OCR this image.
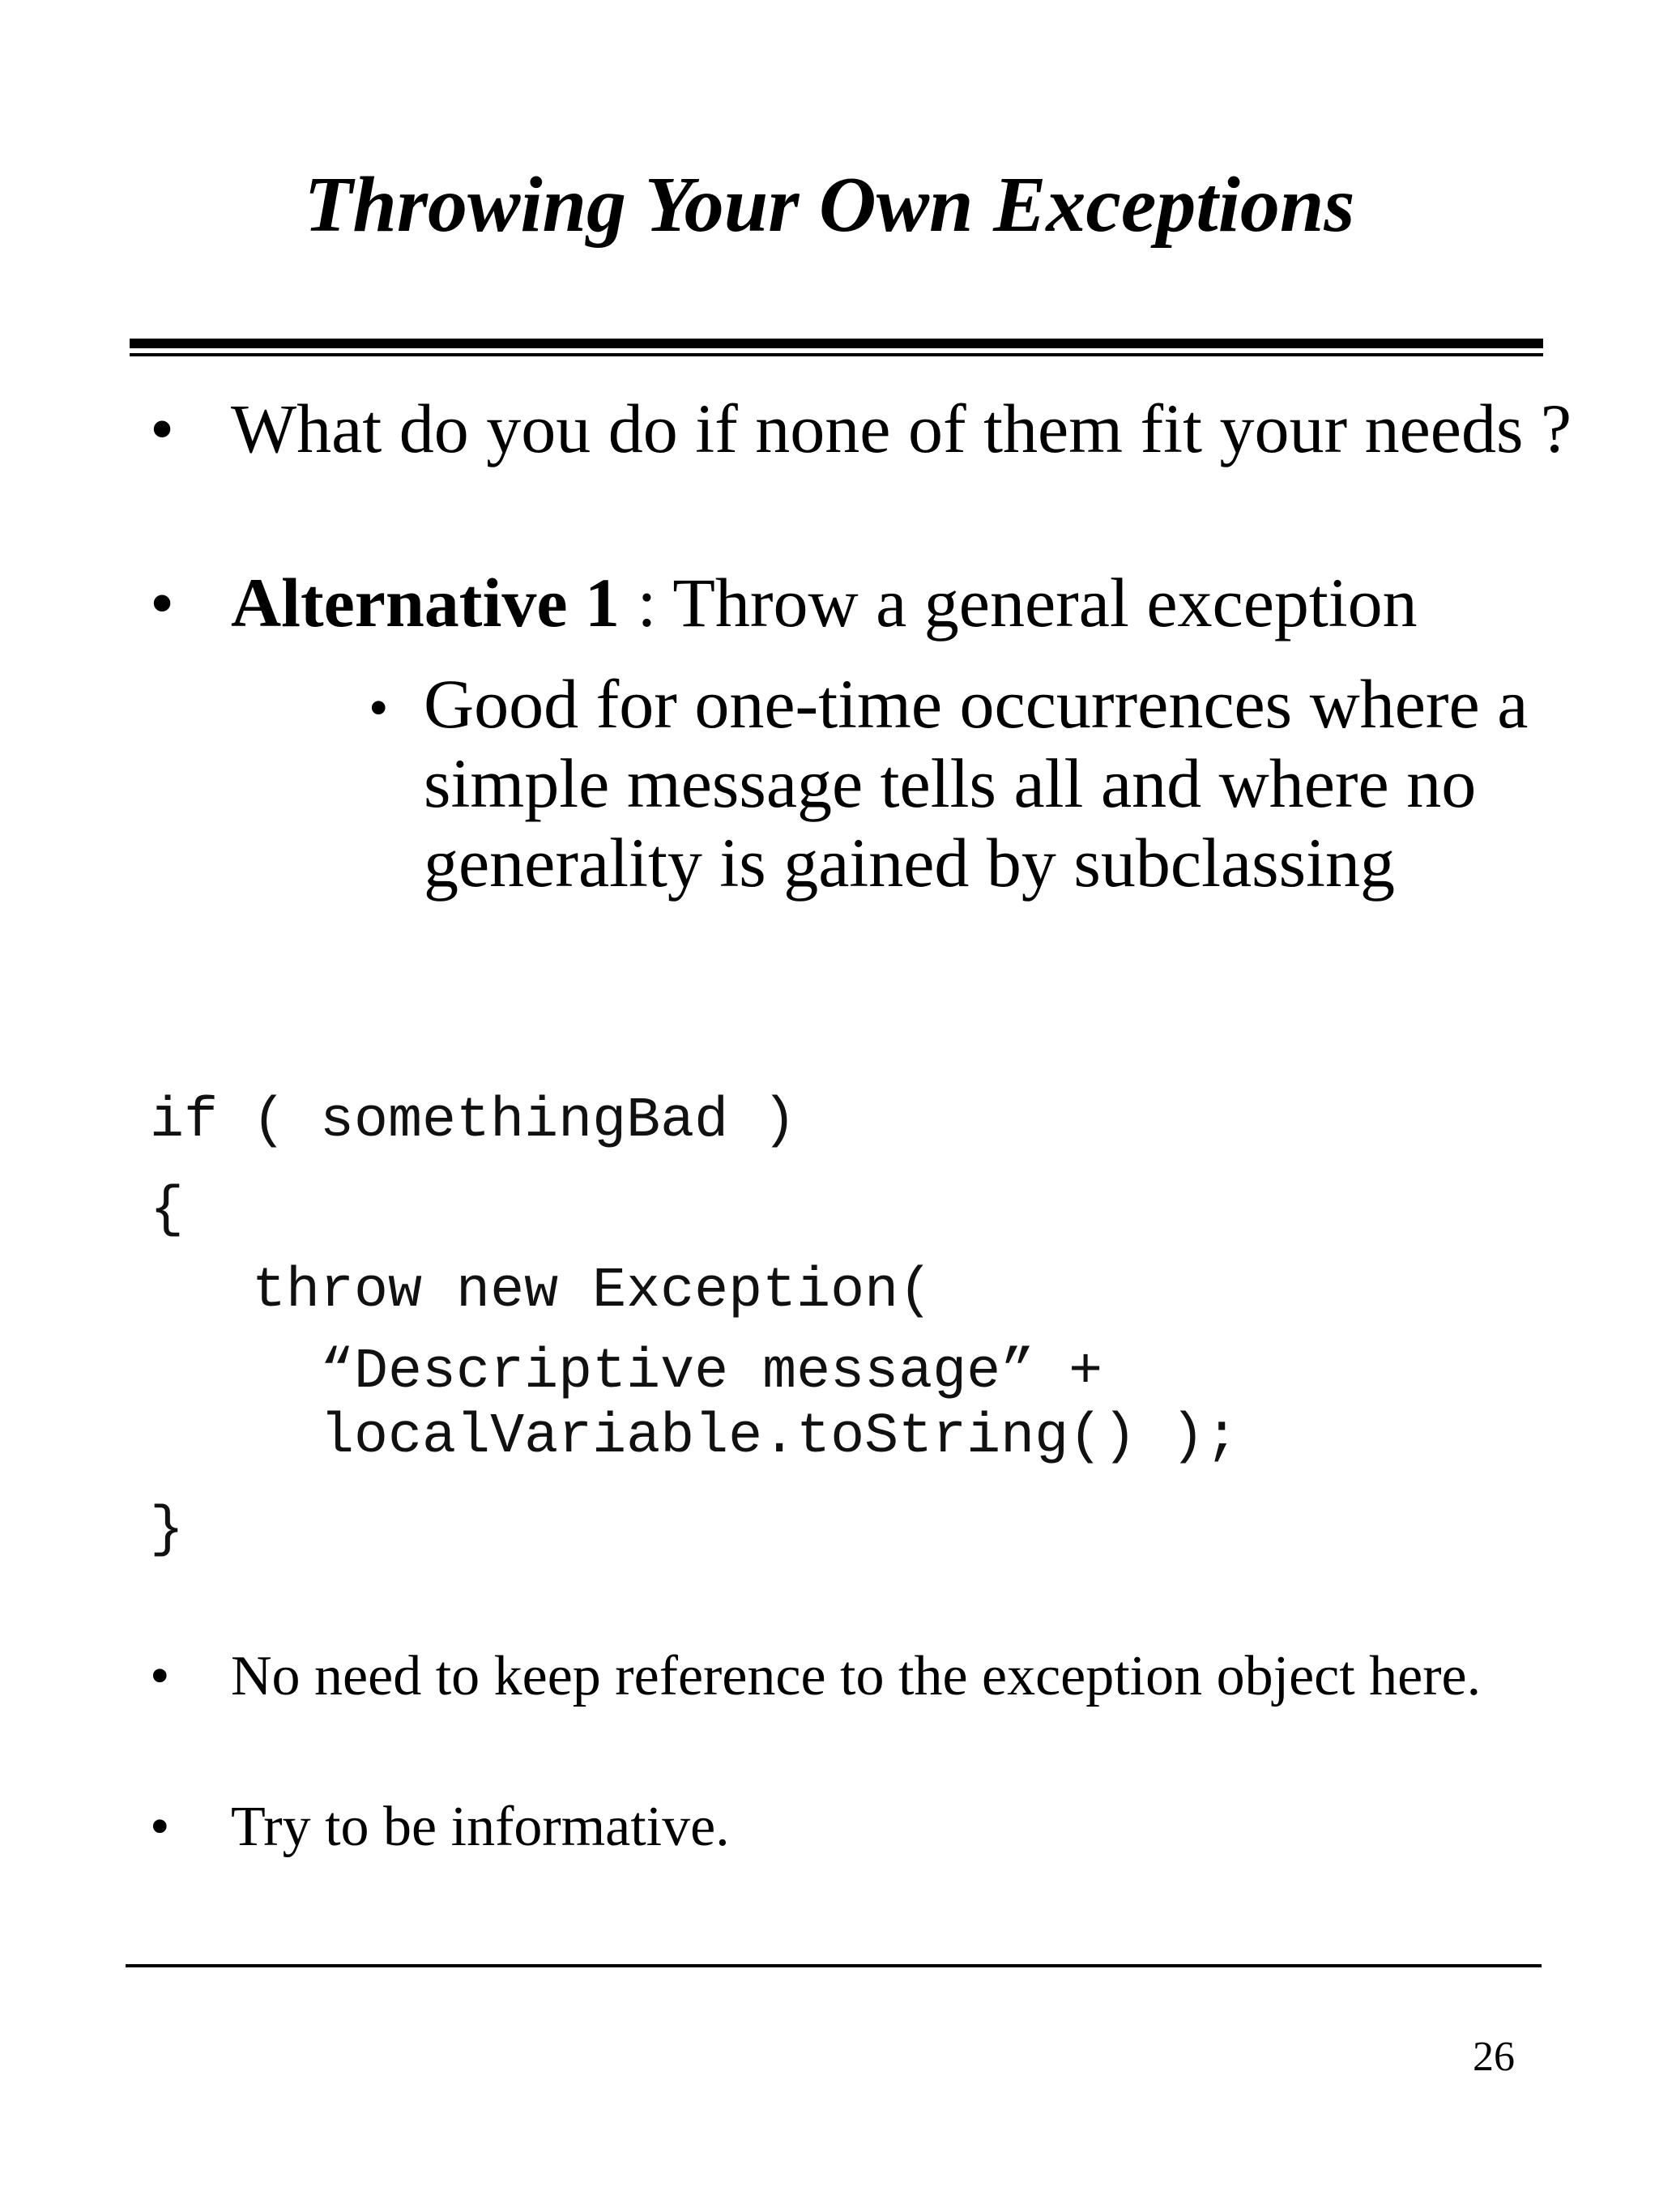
Throwing Your Own Exceptions
• What do you do if none of them fit your needs ?
• Alternative 1 : Throw a general exception
• Good for one-time occurrences where a simple message tells all and where no generality is gained by subclassing

if ( somethingBad )

{

throw new Exception(

“Descriptive message” +

localVariable.toString() );

}

• No need to keep reference to the exception object here.
• Try to be informative.
26
